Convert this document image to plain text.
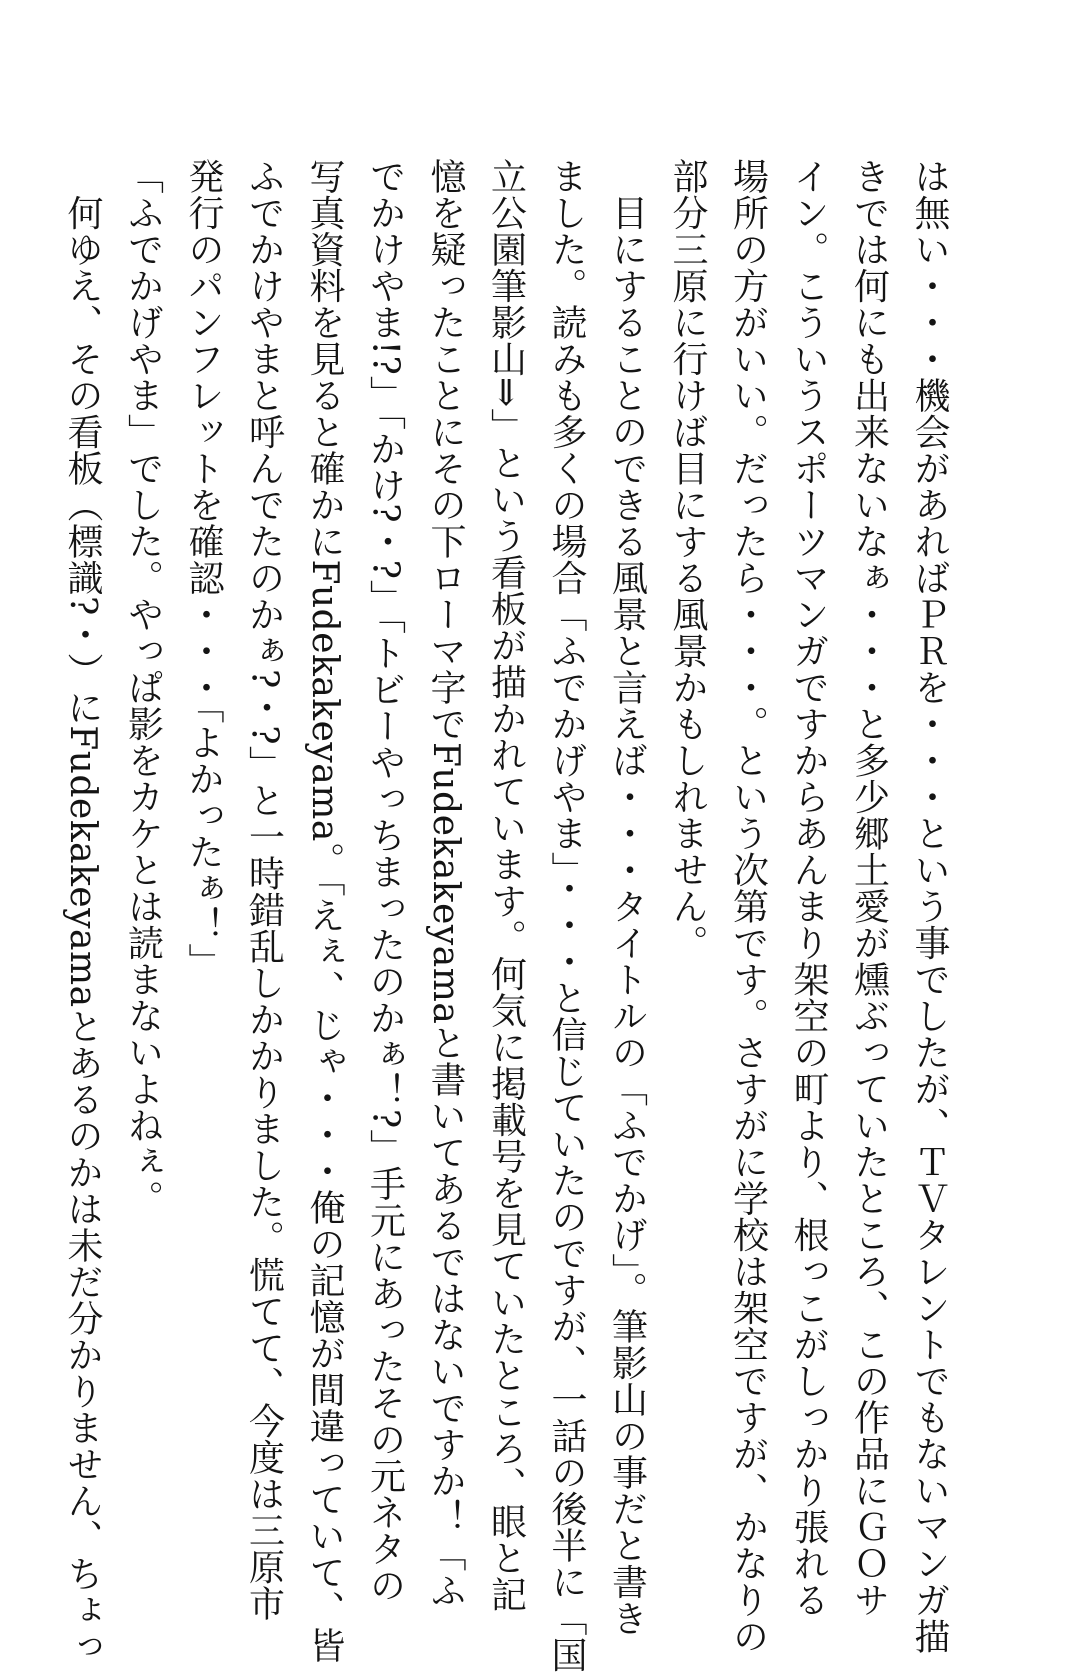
は無い・・・機会があればＰＲを・・・という事でしたが、ＴＶタレントでもないマンガ描
きでは何にも出来ないなぁ・・・と多少郷土愛が燻ぶっていたところ、この作品にＧＯサ
イン。こういうスポーツマンガですからあんまり架空の町より、根っこがしっかり張れる
場所の方がいい。だったら・・・。という次第です。さすがに学校は架空ですが、かなりの
部分三原に行けば目にする風景かもしれません。
　目にすることのできる風景と言えば・・・タイトルの「ふでかげ」。筆影山の事だと書き
ました。読みも多くの場合「ふでかげやま」・・・と信じていたのですが、一話の後半に「国
立公園筆影山⇒」という看板が描かれています。何気に掲載号を見ていたところ、眼と記
憶を疑ったことにその下ローマ字でFudekakeyamaと書いてあるではないですか！「ふ
でかけやま!?」「かけ?・?」「トビーやっちまったのかぁ！?」手元にあったその元ネタの
写真資料を見ると確かにFudekakeyama。「えぇ、じゃ・・・俺の記憶が間違っていて、皆
ふでかけやまと呼んでたのかぁ?・?」と一時錯乱しかかりました。慌てて、今度は三原市
発行のパンフレットを確認・・・「よかったぁ！」
「ふでかげやま」でした。やっぱ影をカケとは読まないよねぇ。
　何ゆえ、その看板（標識?・）にFudekakeyamaとあるのかは未だ分かりません、ちょっ
